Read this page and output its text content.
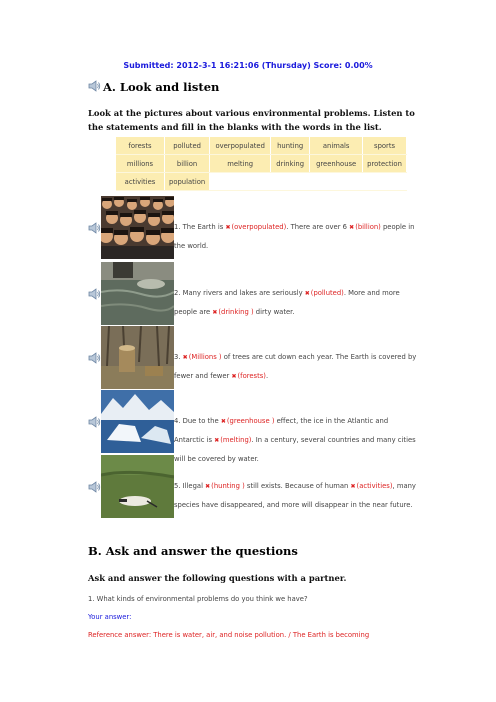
Submitted: 2012-3-1 16:21:06 (Thursday) Score: 0.00%
A. Look and listen
Look at the pictures about various environmental problems. Listen to the statements and fill in the blanks with the words in the list.
forests	polluted	overpopulated	hunting	animals	sports
millions	billion	melting	drinking	greenhouse	protection
activities	population				
1. The Earth is ✖(overpopulated). There are over 6 ✖(billion) people in the world.
2. Many rivers and lakes are seriously ✖(polluted). More and more people are ✖(drinking ) dirty water.
3. ✖(Millions ) of trees are cut down each year. The Earth is covered by fewer and fewer ✖(forests).
4. Due to the ✖(greenhouse ) effect, the ice in the Atlantic and Antarctic is ✖(melting). In a century, several countries and many cities will be covered by water.
5. Illegal ✖(hunting ) still exists. Because of human ✖(activities), many species have disappeared, and more will disappear in the near future.
B. Ask and answer the questions
Ask and answer the following questions with a partner.
1. What kinds of environmental problems do you think we have?
Your answer:
Reference answer: There is water, air, and noise pollution. / The Earth is becoming
